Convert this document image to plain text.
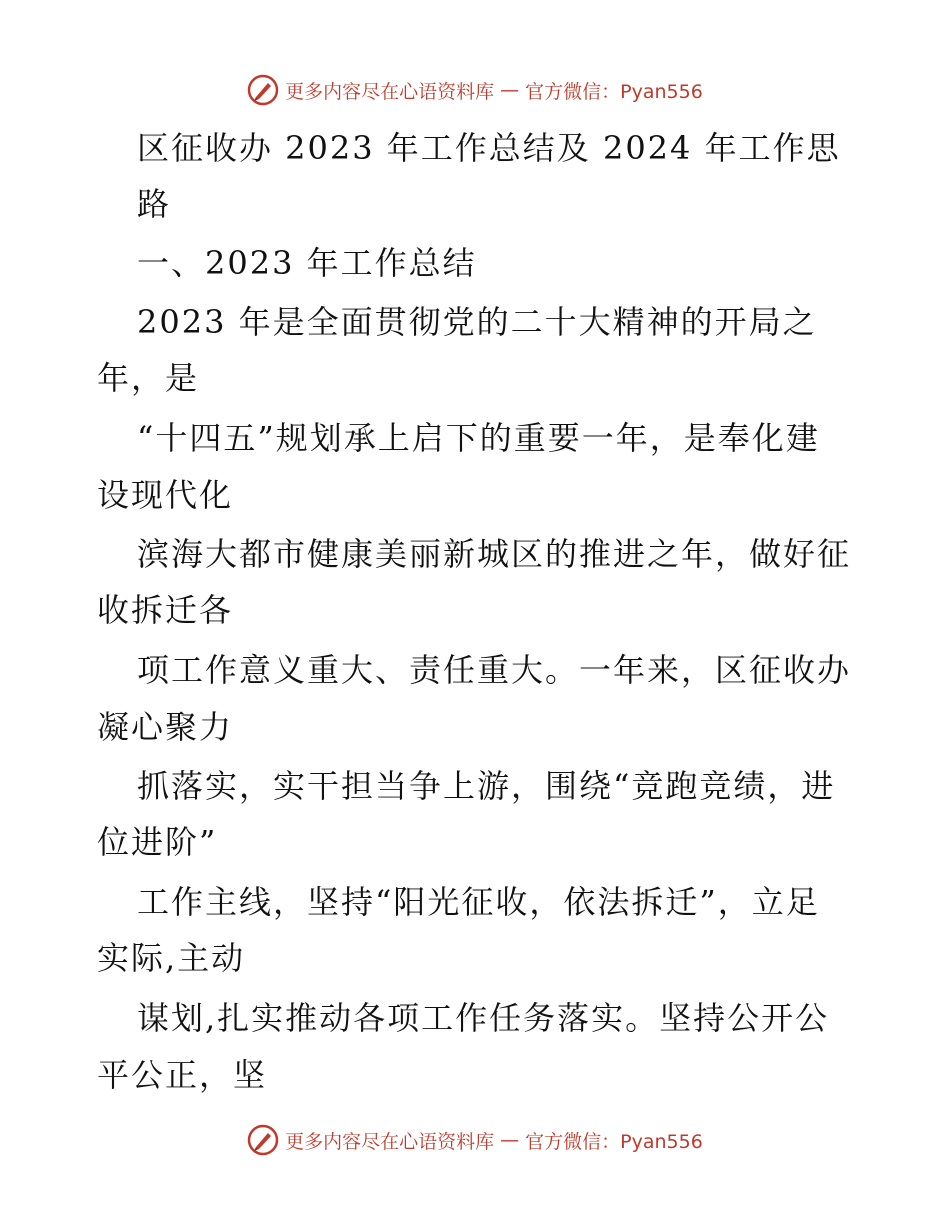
更多内容尽在心语资料库 — 官方微信：Pyan556
区征收办 2023 年工作总结及 2024 年工作思
路
一、2023 年工作总结
2023 年是全面贯彻党的二十大精神的开局之
年，是
“十四五”规划承上启下的重要一年，是奉化建
设现代化
滨海大都市健康美丽新城区的推进之年，做好征
收拆迁各
项工作意义重大、责任重大。一年来，区征收办
凝心聚力
抓落实，实干担当争上游，围绕“竞跑竞绩，进
位进阶”
工作主线，坚持“阳光征收，依法拆迁”，立足
实际,主动
谋划,扎实推动各项工作任务落实。坚持公开公
平公正，坚
更多内容尽在心语资料库 — 官方微信：Pyan556
